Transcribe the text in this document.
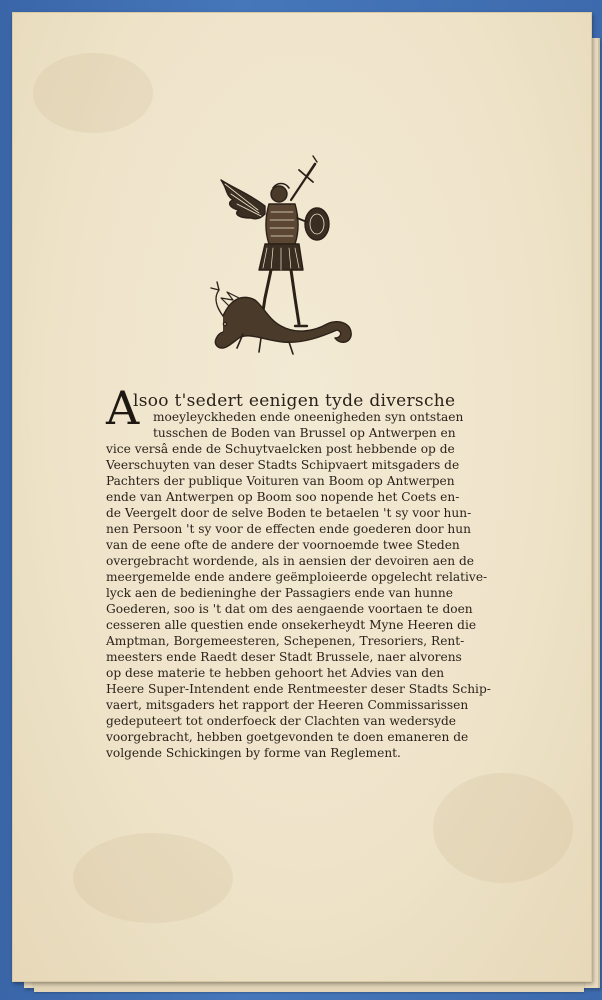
A
lsoo t'sedert eenigen tyde diversche
moeyleyckheden ende oneenigheden syn ontstaen
tusschen de Boden van Brussel op Antwerpen en
vice versâ ende de Schuytvaelcken post hebbende op de
Veerschuyten van deser Stadts Schipvaert mitsgaders de
Pachters der publique Voituren van Boom op Antwerpen
ende van Antwerpen op Boom soo nopende het Coets en-
de Veergelt door de selve Boden te betaelen 't sy voor hun-
nen Persoon 't sy voor de effecten ende goederen door hun
van de eene ofte de andere der voornoemde twee Steden
overgebracht wordende, als in aensien der devoiren aen de
meergemelde ende andere geëmploieerde opgelecht relative-
lyck aen de bedieninghe der Passagiers ende van hunne
Goederen, soo is 't dat om des aengaende voortaen te doen
cesseren alle questien ende onsekerheydt Myne Heeren die
Amptman, Borgemeesteren, Schepenen, Tresoriers, Rent-
meesters ende Raedt deser Stadt Brussele, naer alvorens
op dese materie te hebben gehoort het Advies van den
Heere Super-Intendent ende Rentmeester deser Stadts Schip-
vaert, mitsgaders het rapport der Heeren Commissarissen
gedeputeert tot onderfoeck der Clachten van wedersyde
voorgebracht, hebben goetgevonden te doen emaneren de
volgende Schickingen by forme van Reglement.
